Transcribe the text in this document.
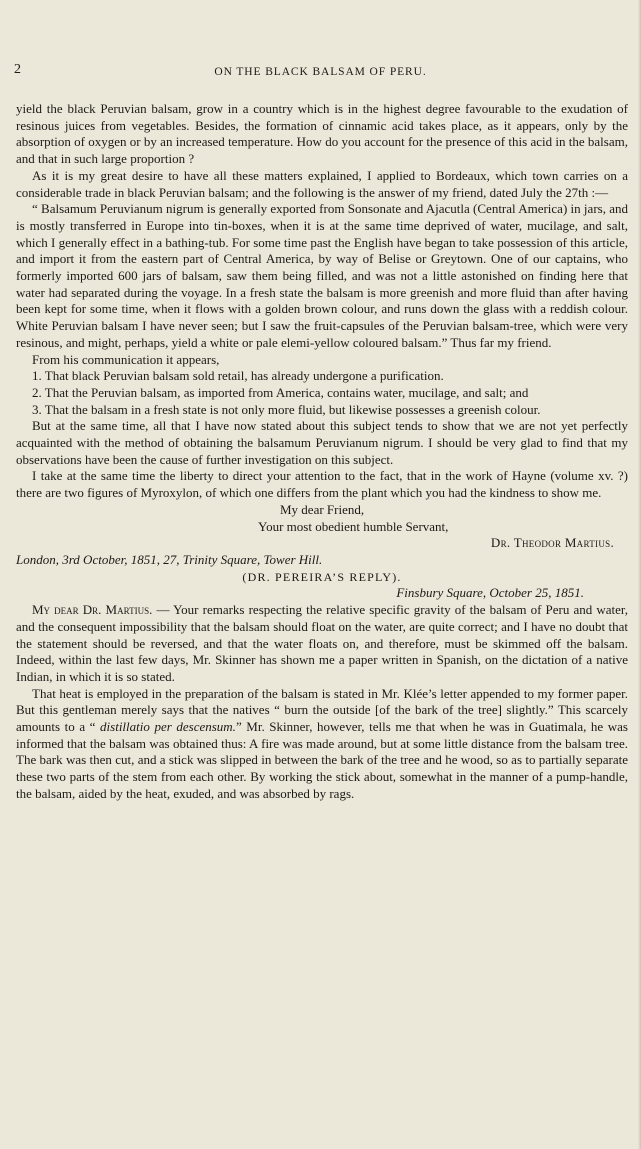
2	ON THE BLACK BALSAM OF PERU.

yield the black Peruvian balsam, grow in a country which is in the highest degree favourable to the exudation of resinous juices from vegetables. Besides, the formation of cinnamic acid takes place, as it appears, only by the absorption of oxygen or by an increased temperature. How do you account for the presence of this acid in the balsam, and that in such large proportion ?

As it is my great desire to have all these matters explained, I applied to Bordeaux, which town carries on a considerable trade in black Peruvian balsam; and the following is the answer of my friend, dated July the 27th :—

“ Balsamum Peruvianum nigrum is generally exported from Sonsonate and Ajacutla (Central America) in jars, and is mostly transferred in Europe into tin-boxes, when it is at the same time deprived of water, mucilage, and salt, which I generally effect in a bathing-tub. For some time past the English have began to take possession of this article, and import it from the eastern part of Central America, by way of Belise or Greytown. One of our captains, who formerly imported 600 jars of balsam, saw them being filled, and was not a little astonished on finding here that water had separated during the voyage. In a fresh state the balsam is more greenish and more fluid than after having been kept for some time, when it flows with a golden brown colour, and runs down the glass with a reddish colour. White Peruvian balsam I have never seen; but I saw the fruit-capsules of the Peruvian balsam-tree, which were very resinous, and might, perhaps, yield a white or pale elemi-yellow coloured balsam.” Thus far my friend.

From his communication it appears,

1. That black Peruvian balsam sold retail, has already undergone a purification.

2. That the Peruvian balsam, as imported from America, contains water, mucilage, and salt; and

3. That the balsam in a fresh state is not only more fluid, but likewise possesses a greenish colour.

But at the same time, all that I have now stated about this subject tends to show that we are not yet perfectly acquainted with the method of obtaining the balsamum Peruvianum nigrum. I should be very glad to find that my observations have been the cause of further investigation on this subject.

I take at the same time the liberty to direct your attention to the fact, that in the work of Hayne (volume xv. ?) there are two figures of Myroxylon, of which one differs from the plant which you had the kindness to show me.

My dear Friend,

Your most obedient humble Servant,

Dr. Theodor Martius.

London, 3rd October, 1851, 27, Trinity Square, Tower Hill.

(DR. PEREIRA’S REPLY).

Finsbury Square, October 25, 1851.

My dear Dr. Martius. — Your remarks respecting the relative specific gravity of the balsam of Peru and water, and the consequent impossibility that the balsam should float on the water, are quite correct; and I have no doubt that the statement should be reversed, and that the water floats on, and therefore, must be skimmed off the balsam. Indeed, within the last few days, Mr. Skinner has shown me a paper written in Spanish, on the dictation of a native Indian, in which it is so stated.

That heat is employed in the preparation of the balsam is stated in Mr. Klée’s letter appended to my former paper. But this gentleman merely says that the natives “ burn the outside [of the bark of the tree] slightly.” This scarcely amounts to a “ distillatio per descensum.” Mr. Skinner, however, tells me that when he was in Guatimala, he was informed that the balsam was obtained thus: A fire was made around, but at some little distance from the balsam tree. The bark was then cut, and a stick was slipped in between the bark of the tree and he wood, so as to partially separate these two parts of the stem from each other. By working the stick about, somewhat in the manner of a pump-handle, the balsam, aided by the heat, exuded, and was absorbed by rags.
